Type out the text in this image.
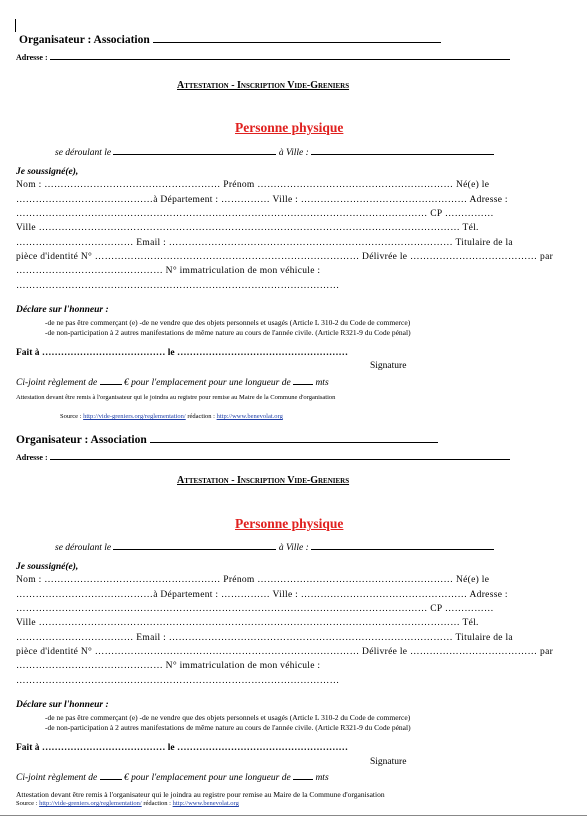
Organisateur : Association
Adresse :
Attestation - Inscription Vide-Greniers
Personne physique
se déroulant le	à Ville :
Je soussigné(e),
Nom : ……………………………………………… Prénom …………………………………………………… Né(e) le
……………………………………à Département : …………… Ville : …………………………………………… Adresse :
……………………………………………………………………………………………………………… CP ……………
Ville ………………………………………………………………………………………………………………… Tél.
……………………………… Email : …………………………………………………………………………… Titulaire de la
pièce d'identité N° ……………………………………………………………………… Délivrée le ………………………………… par
……………………………………… N° immatriculation de mon véhicule :
………………………………………………………………………………………
Déclare sur l'honneur :
-de ne pas être commerçant (e) -de ne vendre que des objets personnels et usagés (Article L 310-2 du Code de commerce)
-de non-participation à 2 autres manifestations de même nature au cours de l'année civile. (Article R321-9 du Code pénal)
Fait à ………………………………… le ………………………………………………
Signature
Ci-joint règlement de	€ pour l'emplacement pour une longueur de	mts
Attestation devant être remis à l'organisateur qui le joindra au registre pour remise au Maire de la Commune d'organisation
Source : http://vide-greniers.org/reglementation/ rédaction : http://www.benevolat.org
Organisateur : Association
Adresse :
Attestation - Inscription Vide-Greniers
Personne physique
se déroulant le	à Ville :
Je soussigné(e),
Nom : ……………………………………………… Prénom …………………………………………………… Né(e) le
……………………………………à Département : …………… Ville : …………………………………………… Adresse :
……………………………………………………………………………………………………………… CP ……………
Ville ………………………………………………………………………………………………………………… Tél.
……………………………… Email : …………………………………………………………………………… Titulaire de la
pièce d'identité N° ……………………………………………………………………… Délivrée le ………………………………… par
……………………………………… N° immatriculation de mon véhicule :
………………………………………………………………………………………
Déclare sur l'honneur :
-de ne pas être commerçant (e) -de ne vendre que des objets personnels et usagés (Article L 310-2 du Code de commerce)
-de non-participation à 2 autres manifestations de même nature au cours de l'année civile. (Article R321-9 du Code pénal)
Fait à ………………………………… le ………………………………………………
Signature
Ci-joint règlement de	€ pour l'emplacement pour une longueur de	mts
Attestation devant être remis à l'organisateur qui le joindra au registre pour remise au Maire de la Commune d'organisation
Source : http://vide-greniers.org/reglementation/ rédaction : http://www.benevolat.org
